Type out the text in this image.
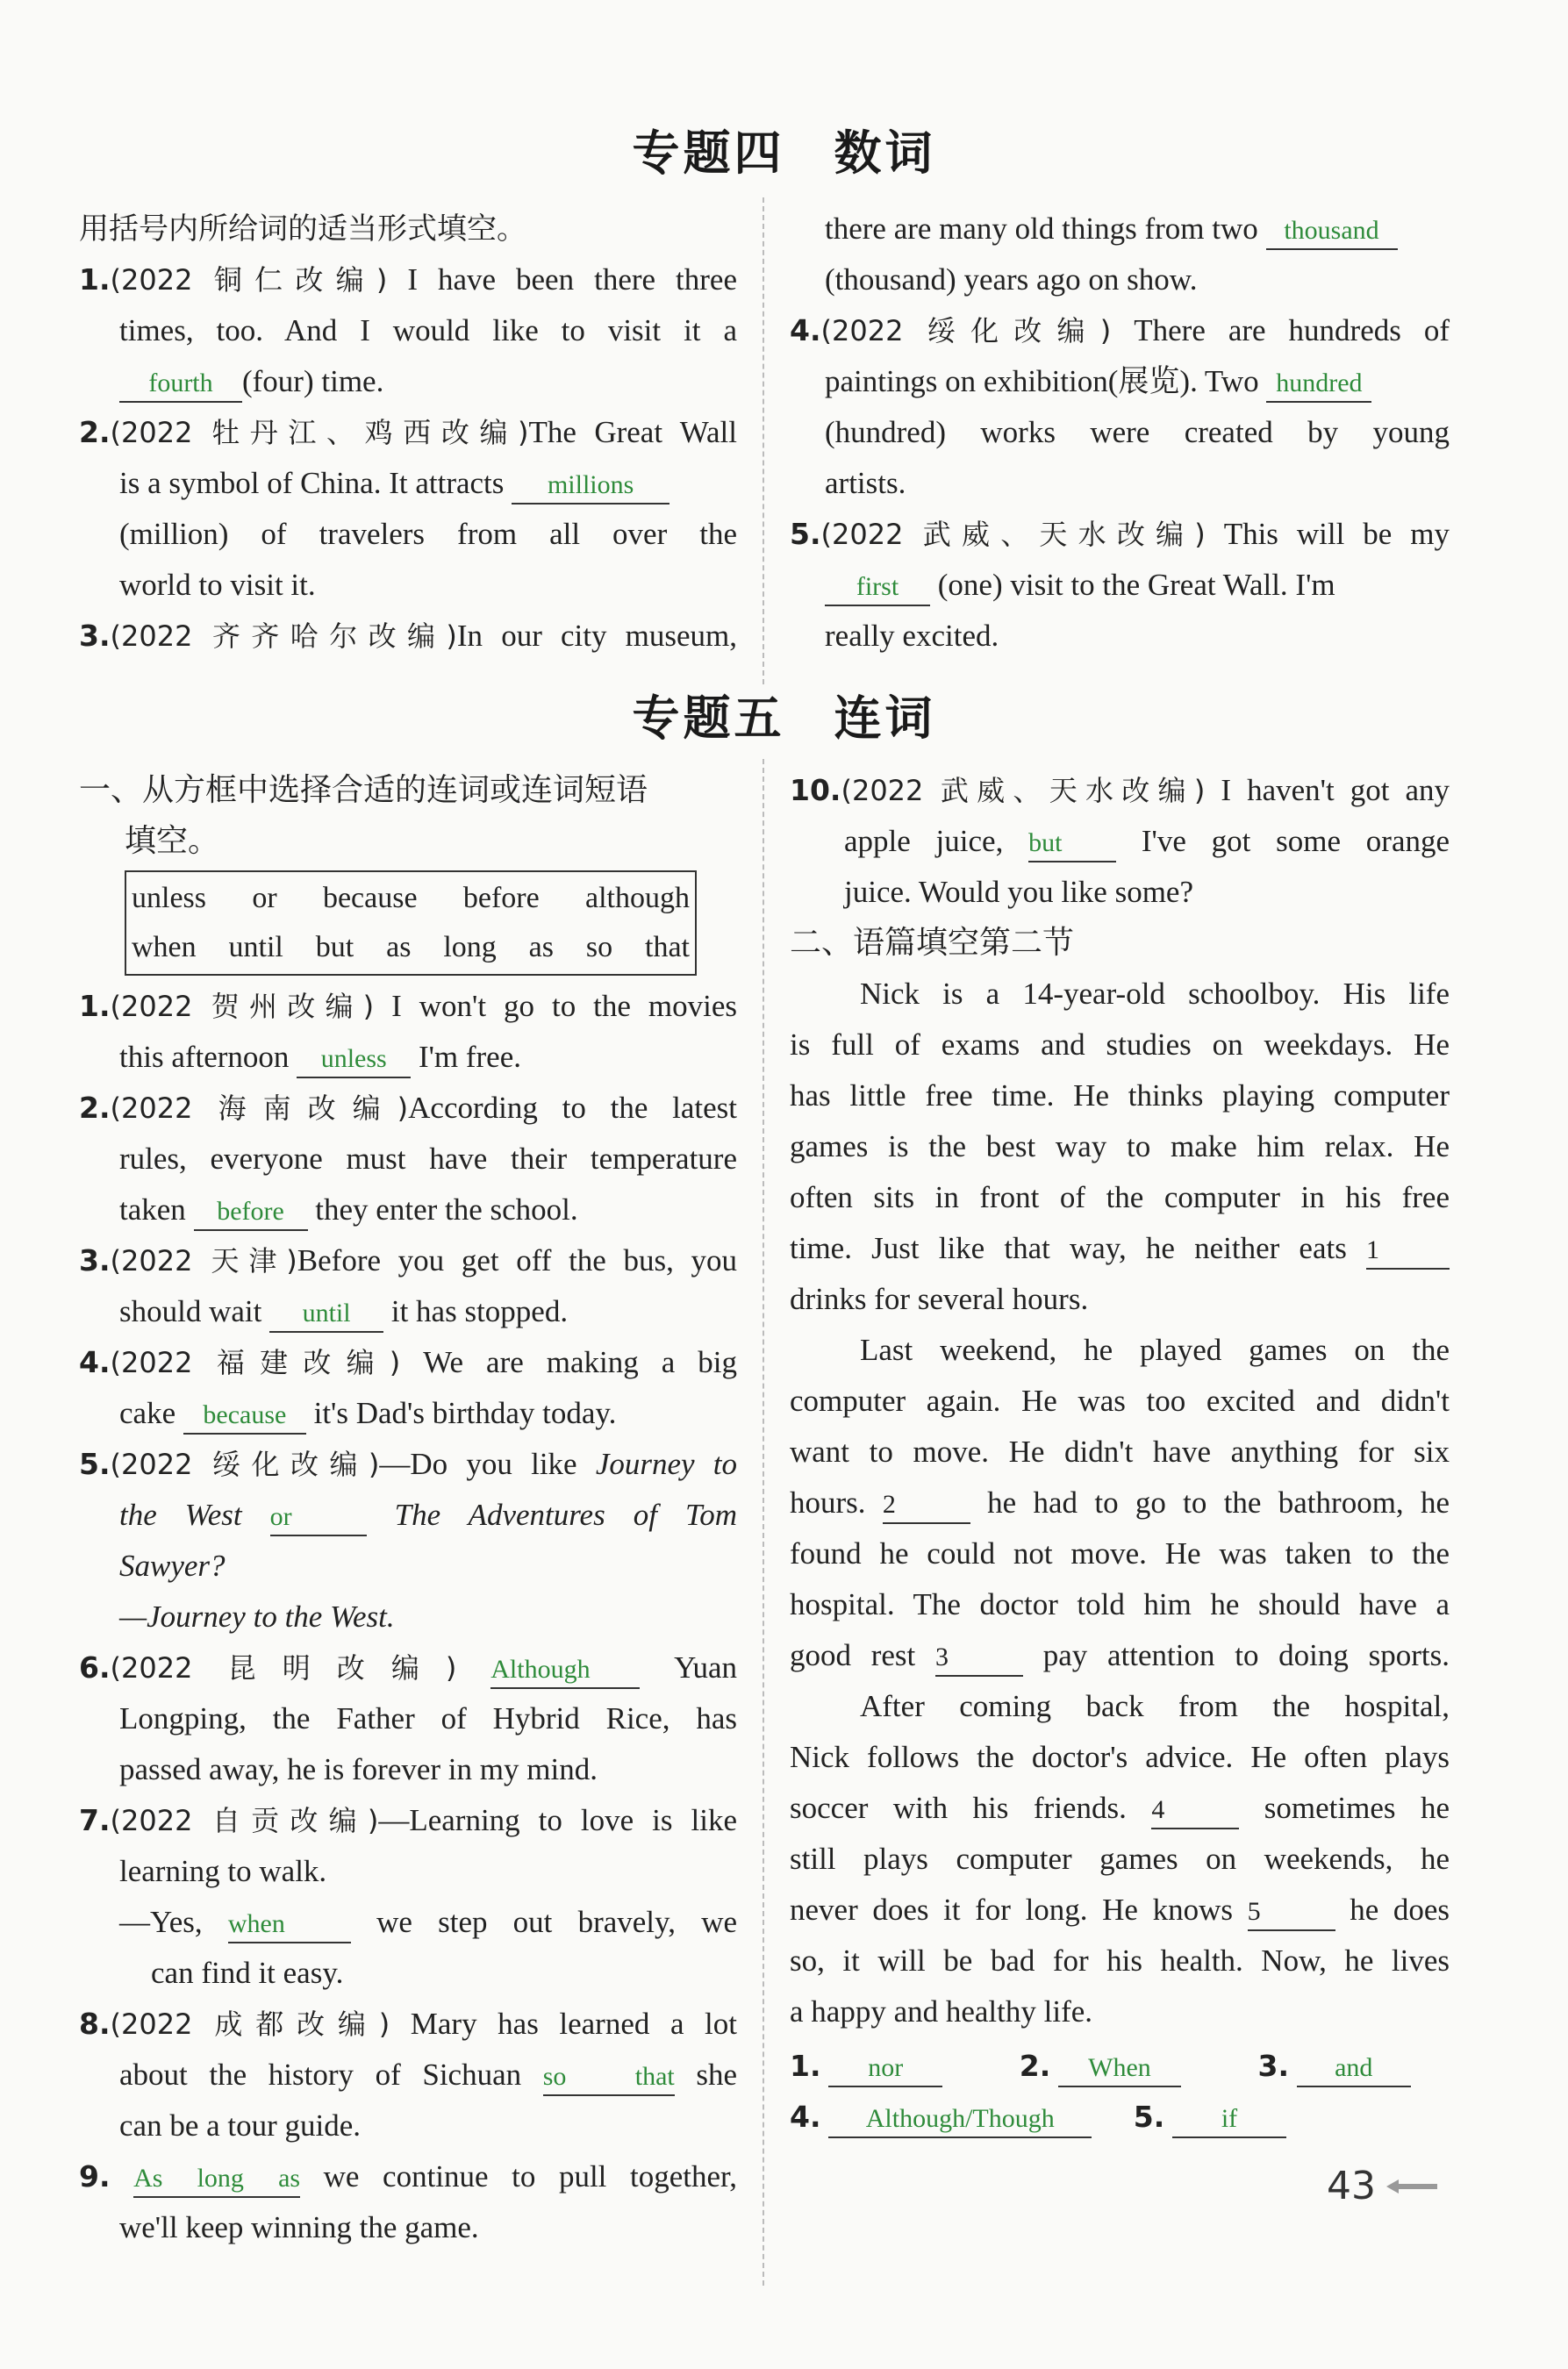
专题四 数词
用括号内所给词的适当形式填空。
1.(2022 铜仁改编) I have been there three
times, too. And I would like to visit it a
fourth (four) time.
2.(2022 牡丹江、鸡西改编)The Great Wall
is a symbol of China. It attracts millions
(million) of travelers from all over the
world to visit it.
3.(2022 齐齐哈尔改编)In our city museum,
there are many old things from two thousand
(thousand) years ago on show.
4.(2022 绥化改编) There are hundreds of
paintings on exhibition(展览). Two hundred
(hundred) works were created by young
artists.
5.(2022 武威、天水改编) This will be my
first (one) visit to the Great Wall. I'm
really excited.
专题五 连词
一、从方框中选择合适的连词或连词短语
填空。
unless or because before although
when until but as long as so that
1.(2022 贺州改编) I won't go to the movies
this afternoon unless I'm free.
2.(2022 海南改编)According to the latest
rules, everyone must have their temperature
taken before they enter the school.
3.(2022 天津)Before you get off the bus, you
should wait until it has stopped.
4.(2022 福建改编) We are making a big
cake because it's Dad's birthday today.
5.(2022 绥化改编)—Do you like Journey to
the West or	The Adventures of Tom
Sawyer?
—Journey to the West.
6.(2022 昆明改编) Although	Yuan
Longping, the Father of Hybrid Rice, has
passed away, he is forever in my mind.
7.(2022 自贡改编)—Learning to love is like
learning to walk.
—Yes, when	we step out bravely, we
can find it easy.
8.(2022 成都改编) Mary has learned a lot
about the history of Sichuan so that she
can be a tour guide.
9. As long as we continue to pull together,
we'll keep winning the game.
10.(2022 武威、天水改编) I haven't got any
apple juice, but	I've got some orange
juice. Would you like some?
二、语篇填空第二节
Nick is a 14-year-old schoolboy. His life
is full of exams and studies on weekdays. He
has little free time. He thinks playing computer
games is the best way to make him relax. He
often sits in front of the computer in his free
time. Just like that way, he neither eats 1
drinks for several hours.
Last weekend, he played games on the
computer again. He was too excited and didn't
want to move. He didn't have anything for six
hours. 2	he had to go to the bathroom, he
found he could not move. He was taken to the
hospital. The doctor told him he should have a
good rest 3	pay attention to doing sports.
After coming back from the hospital,
Nick follows the doctor's advice. He often plays
soccer with his friends. 4	sometimes he
still plays computer games on weekends, he
never does it for long. He knows 5	he does
so, it will be bad for his health. Now, he lives
a happy and healthy life.
1. nor	2. When	3. and
4. Although/Though	5. if
43
